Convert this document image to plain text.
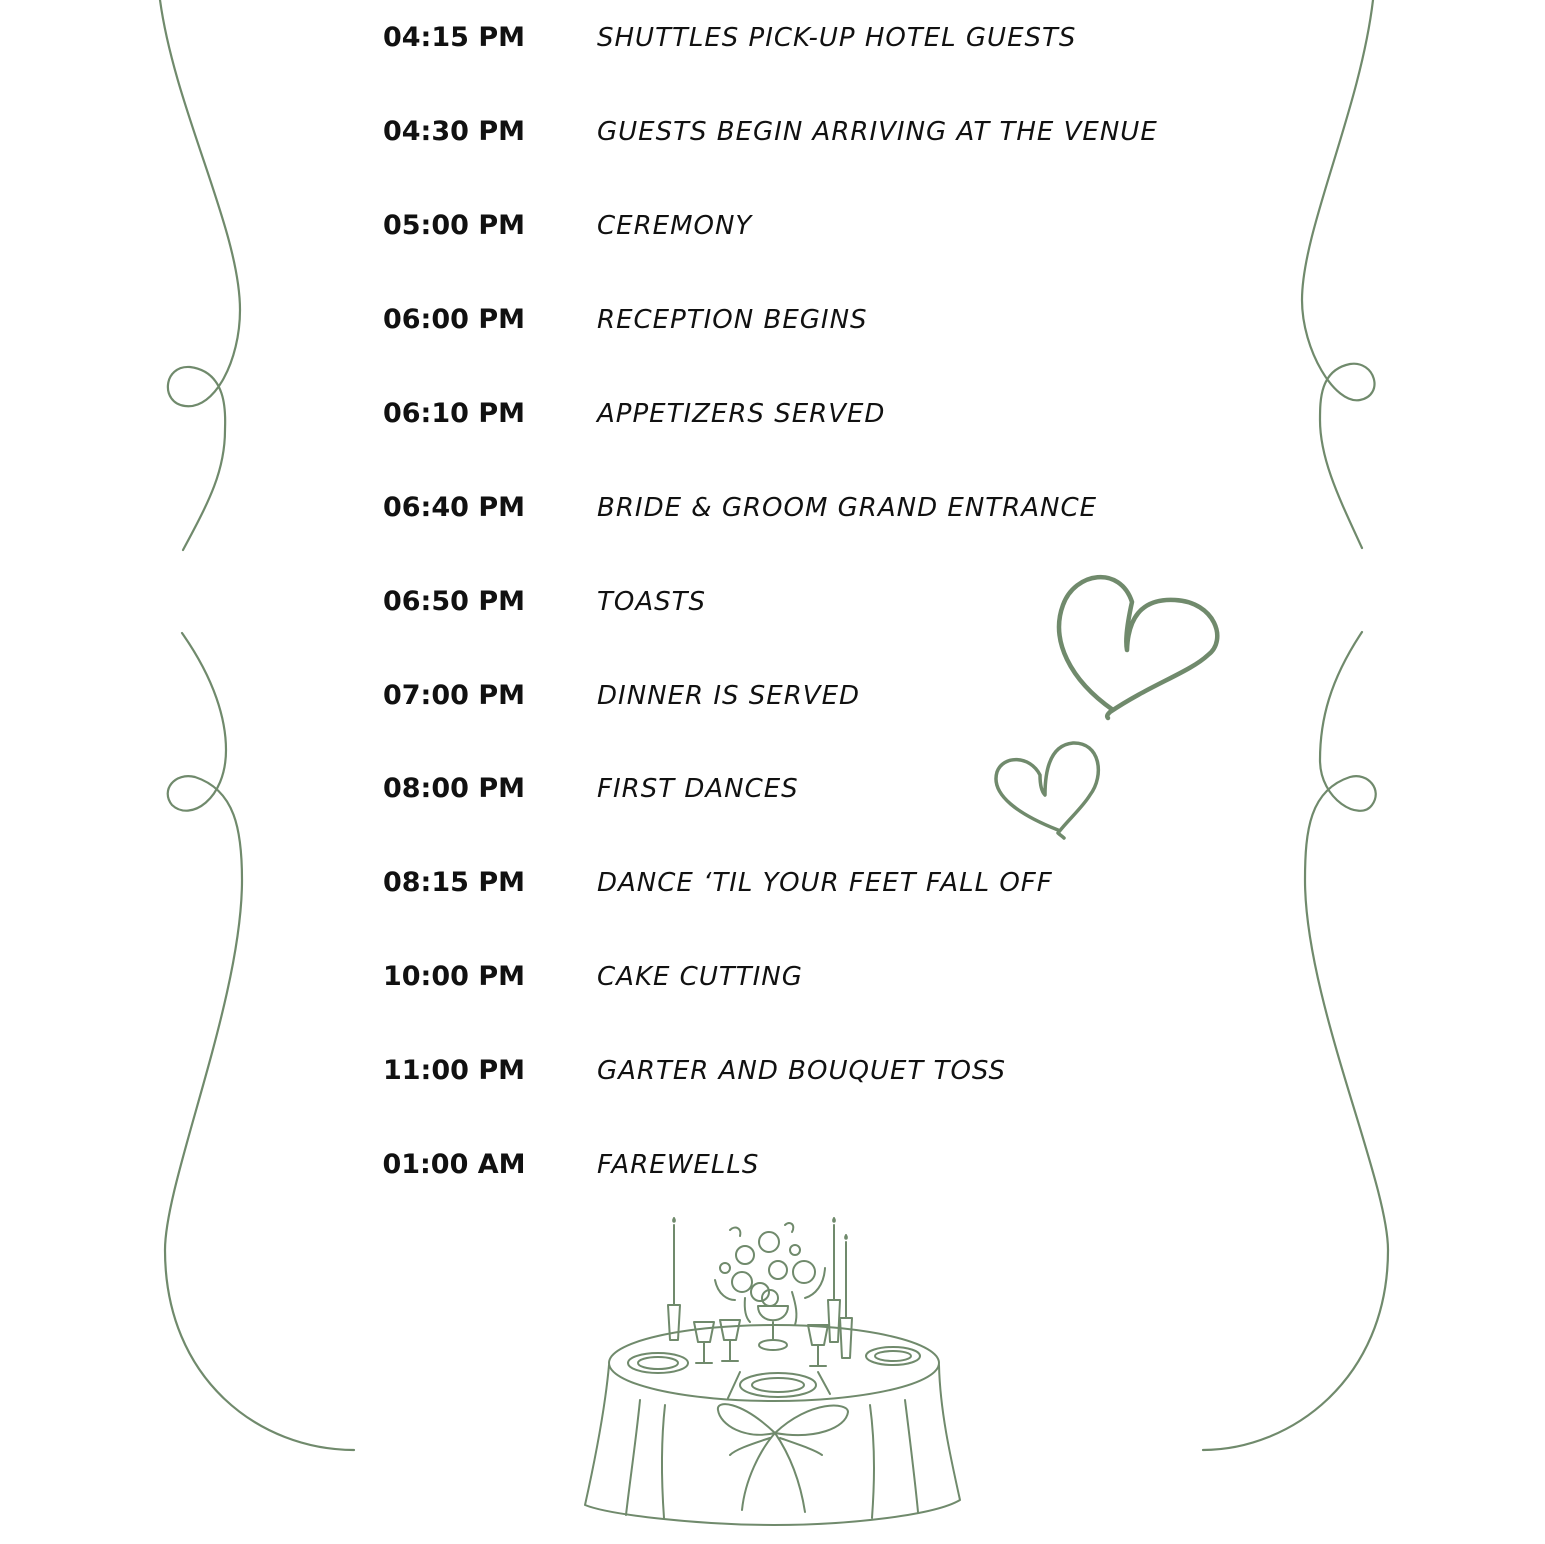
04:15 PM	SHUTTLES PICK-UP HOTEL GUESTS
04:30 PM	GUESTS BEGIN ARRIVING AT THE VENUE
05:00 PM	CEREMONY
06:00 PM	RECEPTION BEGINS
06:10 PM	APPETIZERS SERVED
06:40 PM	BRIDE & GROOM GRAND ENTRANCE
06:50 PM	TOASTS
07:00 PM	DINNER IS SERVED
08:00 PM	FIRST DANCES
08:15 PM	DANCE ‘TIL YOUR FEET FALL OFF
10:00 PM	CAKE CUTTING
11:00 PM	GARTER AND BOUQUET TOSS
01:00 AM	FAREWELLS
